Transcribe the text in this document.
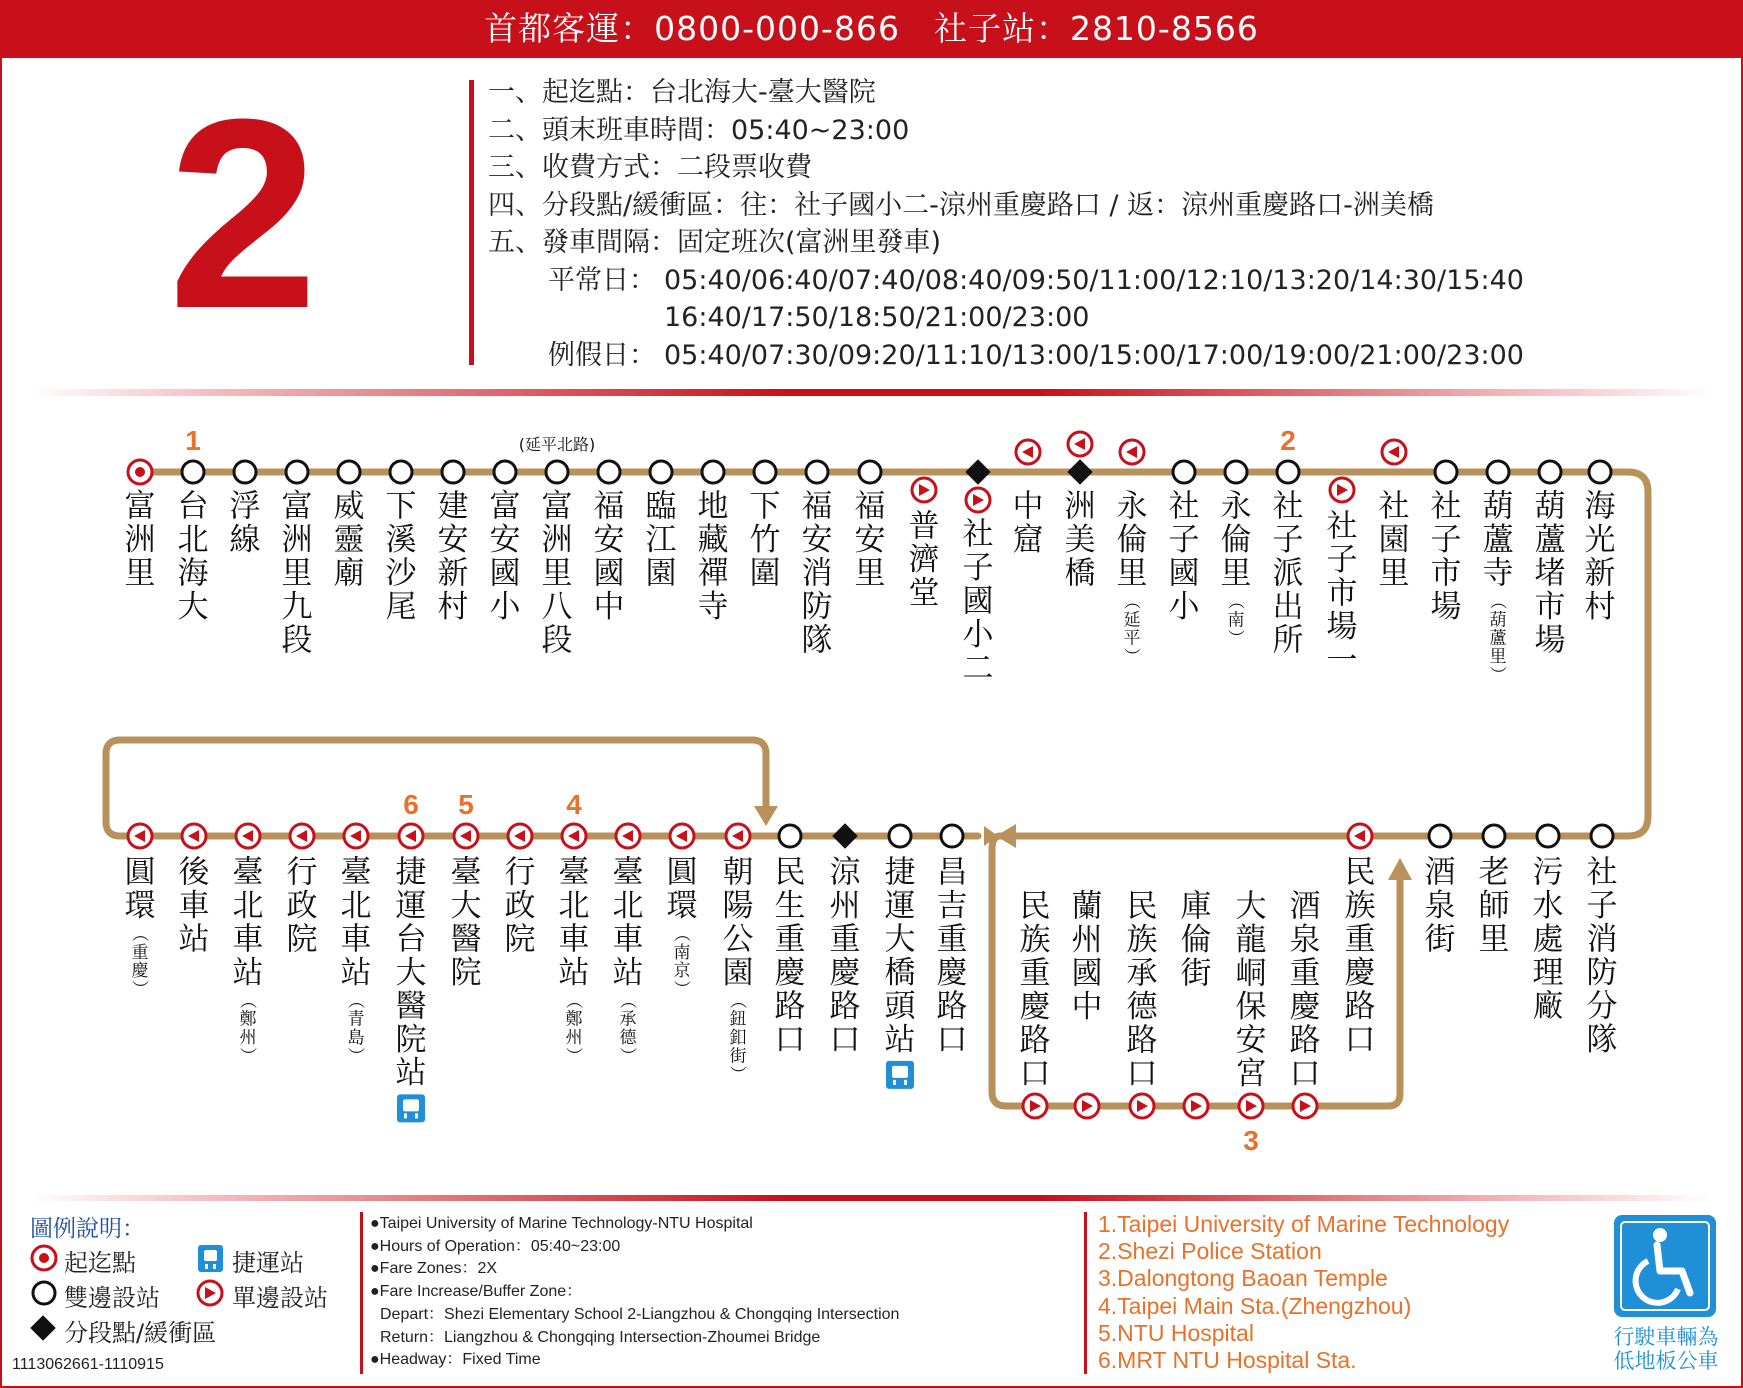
首都客運：0800-000-866　社子站：2810-8566
2	一、起迄點：台北海大-臺大醫院
二、頭末班車時間：05:40~23:00
三、收費方式：二段票收費
四、分段點/緩衝區：往：社子國小二-涼州重慶路口 / 返：涼州重慶路口-洲美橋
五、發車間隔：固定班次(富洲里發車)
平常日： 05:40/06:40/07:40/08:40/09:50/11:00/12:10/13:20/14:30/15:40
16:40/17:50/18:50/21:00/23:00
例假日： 05:40/07:30/09:20/11:10/13:00/15:00/17:00/19:00/21:00/23:00
富
洲
里
台
北
海
大
1
浮
線
富
洲
里
九
段
威
靈
廟
下
溪
沙
尾
建
安
新
村
富
安
國
小
富
洲
里
八
段
福
安
國
中
臨
江
園
地
藏
禪
寺
下
竹
圍
福
安
消
防
隊
福
安
里
普
濟
堂
社
子
國
小
二
中
窟
洲
美
橋
永
倫
里
（
延
平
）
社
子
國
小
永
倫
里
（
南
）
社
子
派
出
所
2
社
子
市
場
一
社
園
里
社
子
市
場
葫
蘆
寺
（
葫
蘆
里
）
葫
蘆
堵
市
場
海
光
新
村
(延平北路)
圓
環
（
重
慶
）
後
車
站
臺
北
車
站
（
鄭
州
）
行
政
院
臺
北
車
站
（
青
島
）
捷
運
台
大
醫
院
站
6
臺
大
醫
院
5
行
政
院
臺
北
車
站
（
鄭
州
）
4
臺
北
車
站
（
承
德
）
圓
環
（
南
京
）
朝
陽
公
園
（
鈕
釦
街
）
民
生
重
慶
路
口
涼
州
重
慶
路
口
捷
運
大
橋
頭
站
昌
吉
重
慶
路
口
民
族
重
慶
路
口
蘭
州
國
中
民
族
承
德
路
口
庫
倫
街
大
龍
峒
保
安
宮
3
酒
泉
重
慶
路
口
民
族
重
慶
路
口
酒
泉
街
老
師
里
污
水
處
理
廠
社
子
消
防
分
隊
圖例說明：
起迄點
雙邊設站
分段點/緩衝區
捷運站
單邊設站
1113062661-1110915
●Taipei University of Marine Technology-NTU Hospital
●Hours of Operation：05:40~23:00
●Fare Zones：2X
●Fare Increase/Buffer Zone：
Depart：Shezi Elementary School 2-Liangzhou & Chongqing Intersection
Return：Liangzhou & Chongqing Intersection-Zhoumei Bridge
●Headway：Fixed Time
1.Taipei University of Marine Technology
2.Shezi Police Station
3.Dalongtong Baoan Temple
4.Taipei Main Sta.(Zhengzhou)
5.NTU Hospital
6.MRT NTU Hospital Sta.
行駛車輛為
低地板公車
